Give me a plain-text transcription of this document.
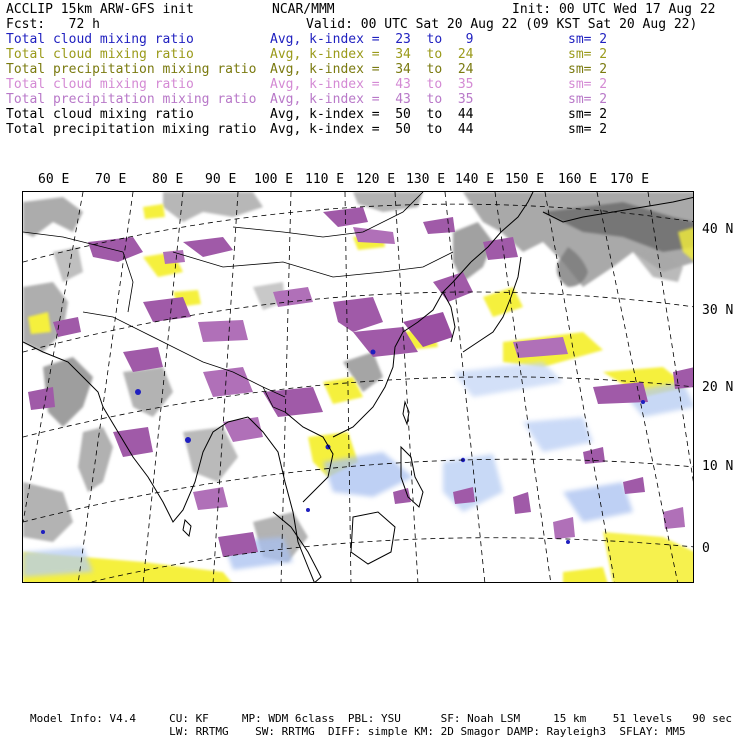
ACCLIP 15km ARW-GFS init	NCAR/MMM	Init: 00 UTC Wed 17 Aug 22
Fcst:   72 h	Valid: 00 UTC Sat 20 Aug 22 (09 KST Sat 20 Aug 22)
Total cloud mixing ratio	Avg, k-index =  23  to   9	sm= 2
Total cloud mixing ratio	Avg, k-index =  34  to  24	sm= 2
Total precipitation mixing ratio Avg, k-index =  34  to  24	sm= 2
Total cloud mixing ratio	Avg, k-index =  43  to  35	sm= 2
Total precipitation mixing ratio Avg, k-index =  43  to  35	sm= 2
Total cloud mixing ratio	Avg, k-index =  50  to  44	sm= 2
Total precipitation mixing ratio Avg, k-index =  50  to  44	sm= 2
60 E 70 E 80 E 90 E 100 E 110 E 120 E 130 E 140 E 150 E 160 E 170 E
40 N
30 N
20 N
10 N
0
Model Info: V4.4     CU: KF     MP: WDM 6class  PBL: YSU      SF: Noah LSM     15 km    51 levels   90 sec
LW: RRTMG    SW: RRTMG  DIFF: simple KM: 2D Smagor DAMP: Rayleigh3  SFLAY: MM5
